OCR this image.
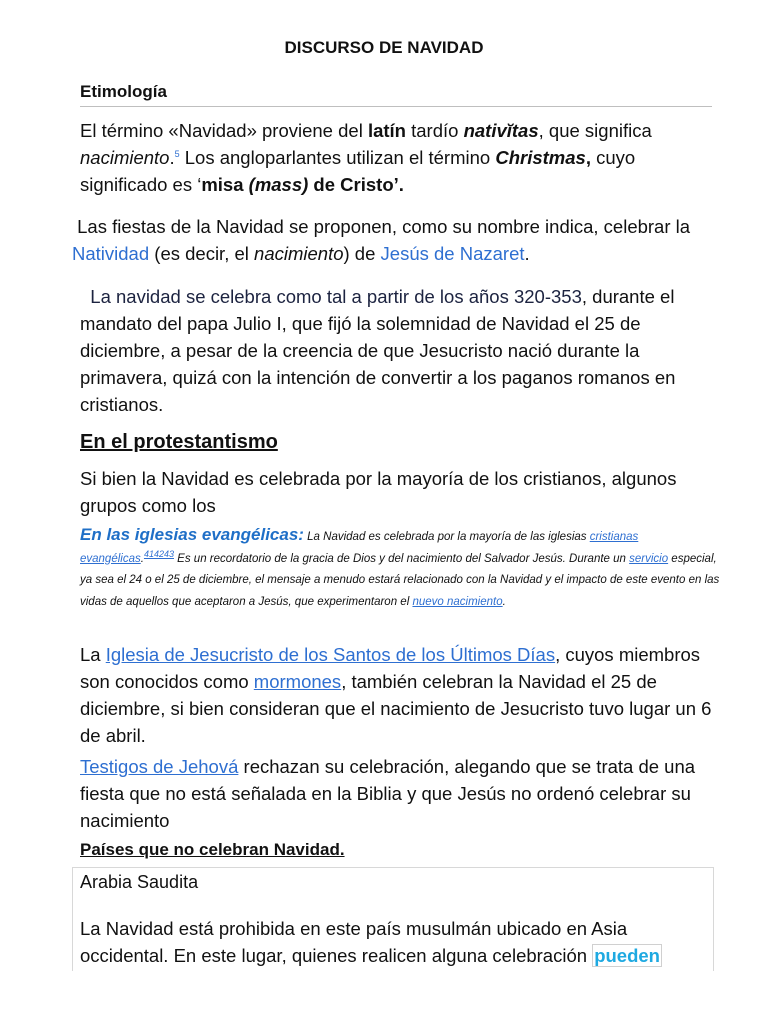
DISCURSO DE NAVIDAD
Etimología
El término «Navidad» proviene del latín tardío nativĭtas, que significa nacimiento.$^5$ Los angloparlantes utilizan el término Christmas, cuyo significado es ‘misa (mass) de Cristo’.
Las fiestas de la Navidad se proponen, como su nombre indica, celebrar la Natividad (es decir, el nacimiento) de Jesús de Nazaret.
La navidad se celebra como tal a partir de los años 320-353, durante el mandato del papa Julio I, que fijó la solemnidad de Navidad el 25 de diciembre, a pesar de la creencia de que Jesucristo nació durante la primavera, quizá con la intención de convertir a los paganos romanos en cristianos.
En el protestantismo
Si bien la Navidad es celebrada por la mayoría de los cristianos, algunos grupos como los
En las iglesias evangélicas: La Navidad es celebrada por la mayoría de las iglesias cristianas evangélicas.$^{414243}$ Es un recordatorio de la gracia de Dios y del nacimiento del Salvador Jesús. Durante un servicio especial, ya sea el 24 o el 25 de diciembre, el mensaje a menudo estará relacionado con la Navidad y el impacto de este evento en las vidas de aquellos que aceptaron a Jesús, que experimentaron el nuevo nacimiento.
La Iglesia de Jesucristo de los Santos de los Últimos Días, cuyos miembros son conocidos como mormones, también celebran la Navidad el 25 de diciembre, si bien consideran que el nacimiento de Jesucristo tuvo lugar un 6 de abril.
Testigos de Jehová rechazan su celebración, alegando que se trata de una fiesta que no está señalada en la Biblia y que Jesús no ordenó celebrar su nacimiento
Países que no celebran Navidad.
Arabia Saudita
La Navidad está prohibida en este país musulmán ubicado en Asia occidental. En este lugar, quienes realicen alguna celebración pueden
